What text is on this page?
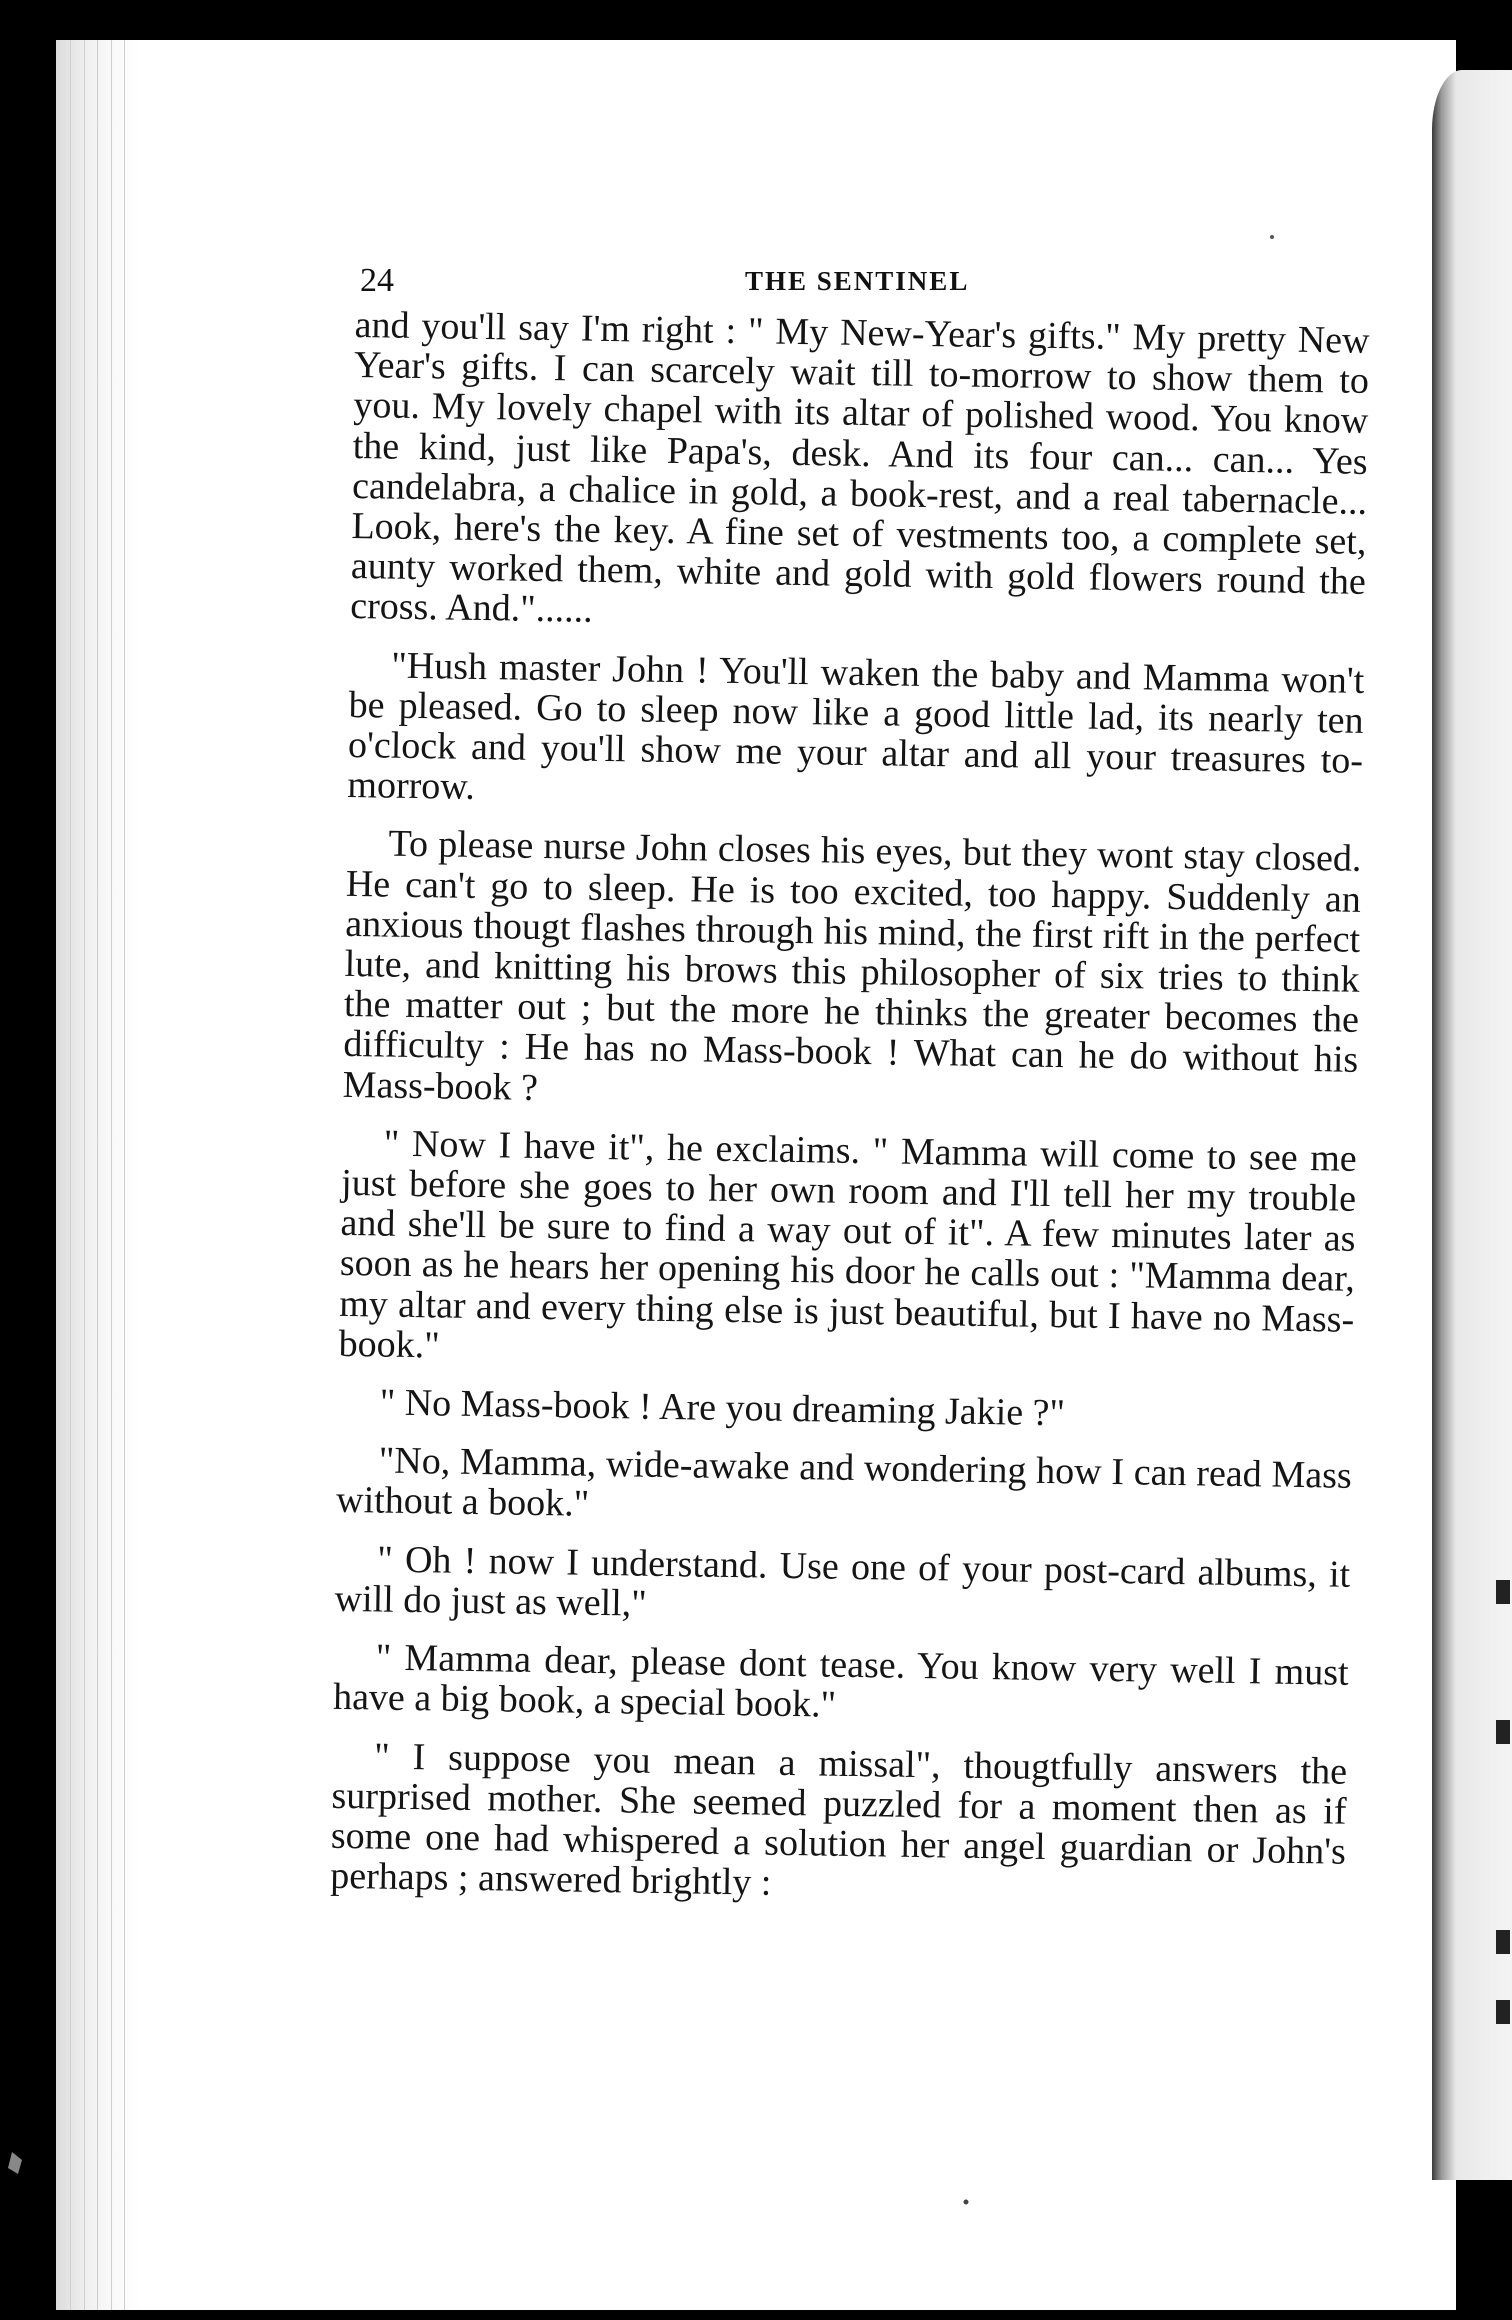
24	THE SENTINEL

and you'll say I'm right : " My New-Year's gifts." My pretty New Year's gifts. I can scarcely wait till to-morrow to show them to you. My lovely chapel with its altar of polished wood. You know the kind, just like Papa's, desk. And its four can... can... Yes candelabra, a chalice in gold, a book-rest, and a real tabernacle... Look, here's the key. A fine set of vestments too, a complete set, aunty worked them, white and gold with gold flowers round the cross. And."......

"Hush master John ! You'll waken the baby and Mamma won't be pleased. Go to sleep now like a good little lad, its nearly ten o'clock and you'll show me your altar and all your treasures to-morrow.

To please nurse John closes his eyes, but they wont stay closed. He can't go to sleep. He is too excited, too happy. Suddenly an anxious thougt flashes through his mind, the first rift in the perfect lute, and knitting his brows this philosopher of six tries to think the matter out ; but the more he thinks the greater becomes the difficulty : He has no Mass-book ! What can he do without his Mass-book ?

" Now I have it", he exclaims. " Mamma will come to see me just before she goes to her own room and I'll tell her my trouble and she'll be sure to find a way out of it". A few minutes later as soon as he hears her opening his door he calls out : "Mamma dear, my altar and every thing else is just beautiful, but I have no Mass-book."

" No Mass-book ! Are you dreaming Jakie ?"

"No, Mamma, wide-awake and wondering how I can read Mass without a book."

" Oh ! now I understand. Use one of your post-card albums, it will do just as well,"

" Mamma dear, please dont tease. You know very well I must have a big book, a special book."

" I suppose you mean a missal", thougtfully answers the surprised mother. She seemed puzzled for a moment then as if some one had whispered a solution her angel guardian or John's perhaps ; answered brightly :
